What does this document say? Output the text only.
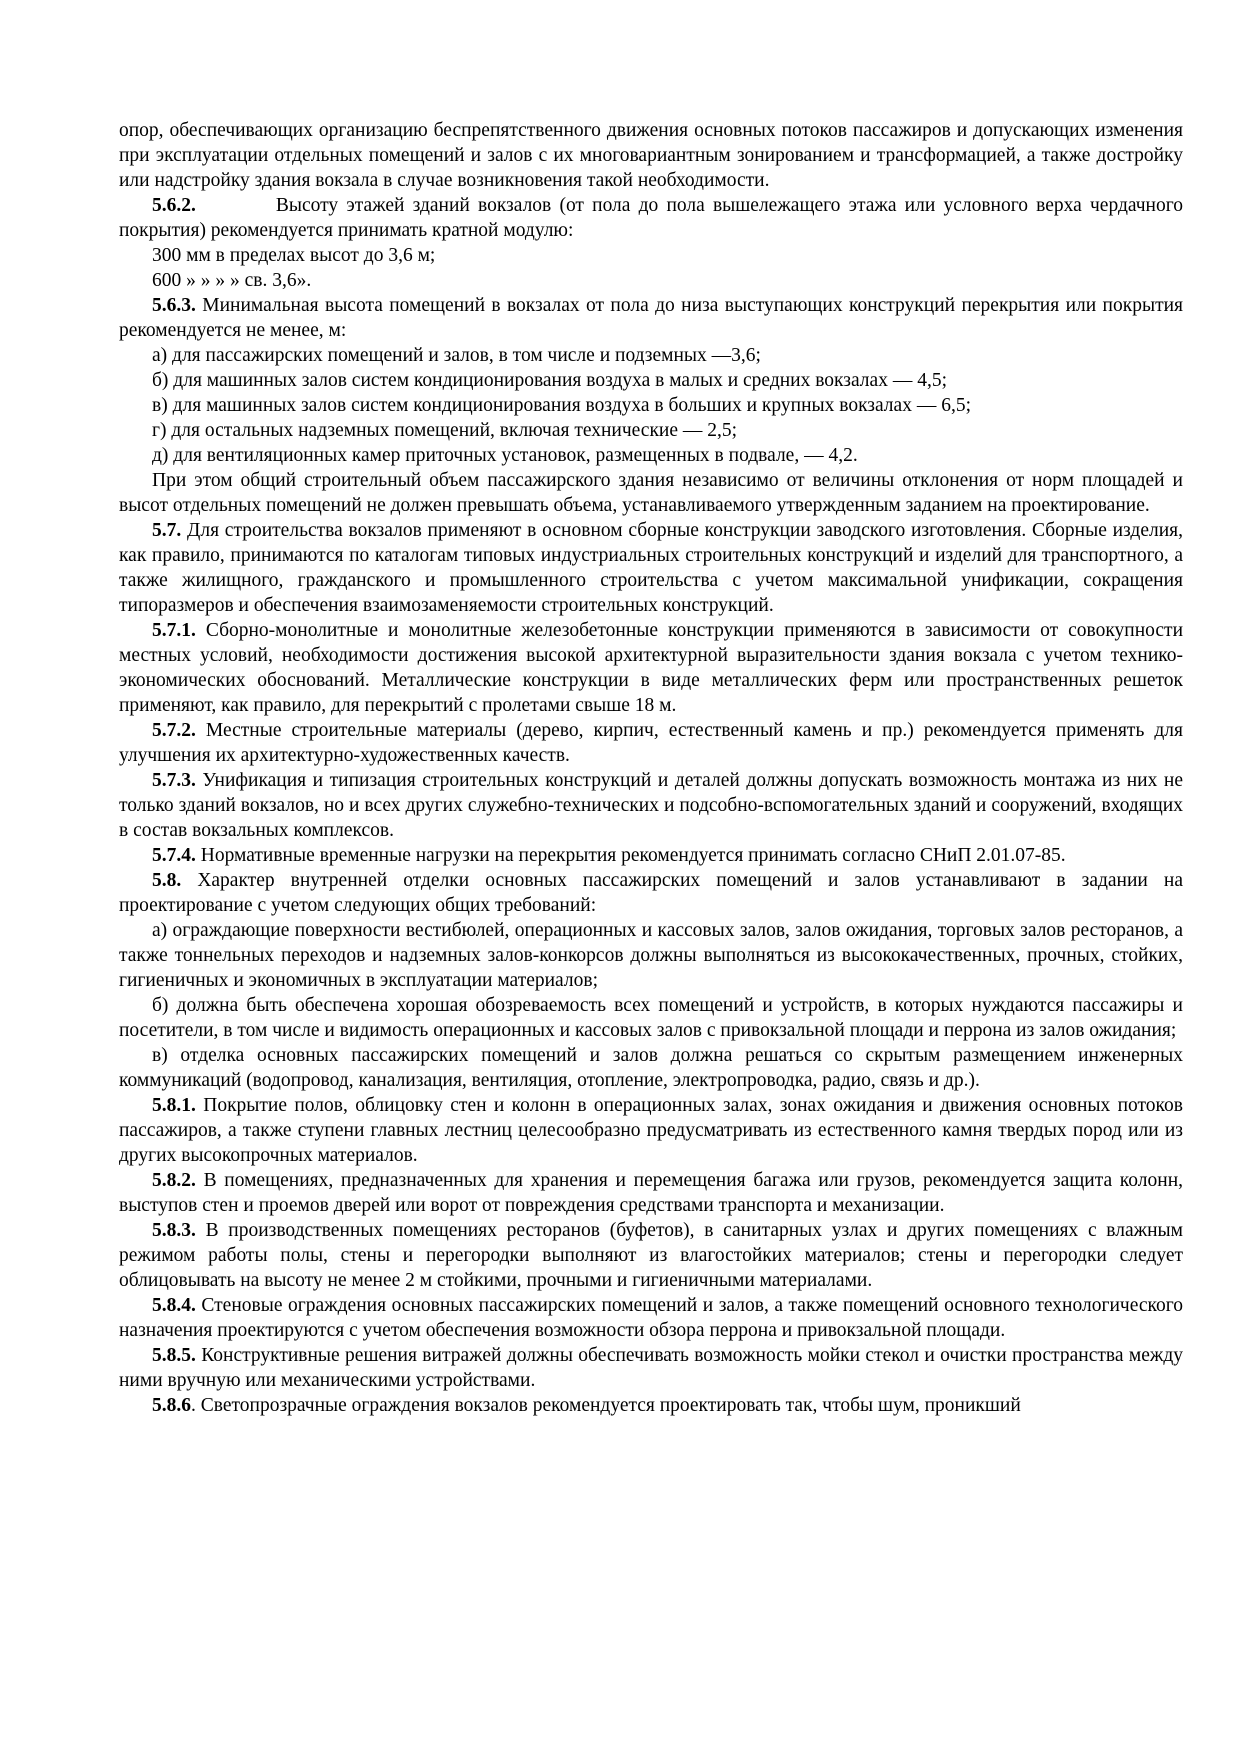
опор, обеспечивающих организацию беспрепятственного движения основных потоков пассажиров и допускающих изменения при эксплуатации отдельных помещений и залов с их многовариантным зонированием и трансформацией, а также достройку или надстройку здания вокзала в случае возникновения такой необходимости.

5.6.2.	Высоту этажей зданий вокзалов (от пола до пола вышележащего этажа или условного верха чердачного покрытия) рекомендуется принимать кратной модулю:

300 мм в пределах высот до 3,6 м;

600 » » » » св. 3,6».

5.6.3. Минимальная высота помещений в вокзалах от пола до низа выступающих конструкций перекрытия или покрытия рекомендуется не менее, м:

а) для пассажирских помещений и залов, в том числе и подземных —3,6;

б) для машинных залов систем кондиционирования воздуха в малых и средних вокзалах — 4,5;

в) для машинных залов систем кондиционирования воздуха в больших и крупных вокзалах — 6,5;

г) для остальных надземных помещений, включая технические — 2,5;

д) для вентиляционных камер приточных установок, размещенных в подвале, — 4,2.

При этом общий строительный объем пассажирского здания независимо от величины отклонения от норм площадей и высот отдельных помещений не должен превышать объема, устанавливаемого утвержденным заданием на проектирование.

5.7. Для строительства вокзалов применяют в основном сборные конструкции заводского изготовления. Сборные изделия, как правило, принимаются по каталогам типовых индустриальных строительных конструкций и изделий для транспортного, а также жилищного, гражданского и промышленного строительства с учетом максимальной унификации, сокращения типоразмеров и обеспечения взаимозаменяемости строительных конструкций.

5.7.1. Сборно-монолитные и монолитные железобетонные конструкции применяются в зависимости от совокупности местных условий, необходимости достижения высокой архитектурной выразительности здания вокзала с учетом технико-экономических обоснований. Металлические конструкции в виде металлических ферм или пространственных решеток применяют, как правило, для перекрытий с пролетами свыше 18 м.

5.7.2. Местные строительные материалы (дерево, кирпич, естественный камень и пр.) рекомендуется применять для улучшения их архитектурно-художественных качеств.

5.7.3. Унификация и типизация строительных конструкций и деталей должны допускать возможность монтажа из них не только зданий вокзалов, но и всех других служебно-технических и подсобно-вспомогательных зданий и сооружений, входящих в состав вокзальных комплексов.

5.7.4. Нормативные временные нагрузки на перекрытия рекомендуется принимать согласно СНиП 2.01.07-85.

5.8. Характер внутренней отделки основных пассажирских помещений и залов устанавливают в задании на проектирование с учетом следующих общих требований:

а) ограждающие поверхности вестибюлей, операционных и кассовых залов, залов ожидания, торговых залов ресторанов, а также тоннельных переходов и надземных залов-конкорсов должны выполняться из высококачественных, прочных, стойких, гигиеничных и экономичных в эксплуатации материалов;

б) должна быть обеспечена хорошая обозреваемость всех помещений и устройств, в которых нуждаются пассажиры и посетители, в том числе и видимость операционных и кассовых залов с привокзальной площади и перрона из залов ожидания;

в) отделка основных пассажирских помещений и залов должна решаться со скрытым размещением инженерных коммуникаций (водопровод, канализация, вентиляция, отопление, электропроводка, радио, связь и др.).

5.8.1. Покрытие полов, облицовку стен и колонн в операционных залах, зонах ожидания и движения основных потоков пассажиров, а также ступени главных лестниц целесообразно предусматривать из естественного камня твердых пород или из других высокопрочных материалов.

5.8.2. В помещениях, предназначенных для хранения и перемещения багажа или грузов, рекомендуется защита колонн, выступов стен и проемов дверей или ворот от повреждения средствами транспорта и механизации.

5.8.3. В производственных помещениях ресторанов (буфетов), в санитарных узлах и других помещениях с влажным режимом работы полы, стены и перегородки выполняют из влагостойких материалов; стены и перегородки следует облицовывать на высоту не менее 2 м стойкими, прочными и гигиеничными материалами.

5.8.4. Стеновые ограждения основных пассажирских помещений и залов, а также помещений основного технологического назначения проектируются с учетом обеспечения возможности обзора перрона и привокзальной площади.

5.8.5. Конструктивные решения витражей должны обеспечивать возможность мойки стекол и очистки пространства между ними вручную или механическими устройствами.

5.8.6. Светопрозрачные ограждения вокзалов рекомендуется проектировать так, чтобы шум, проникший
